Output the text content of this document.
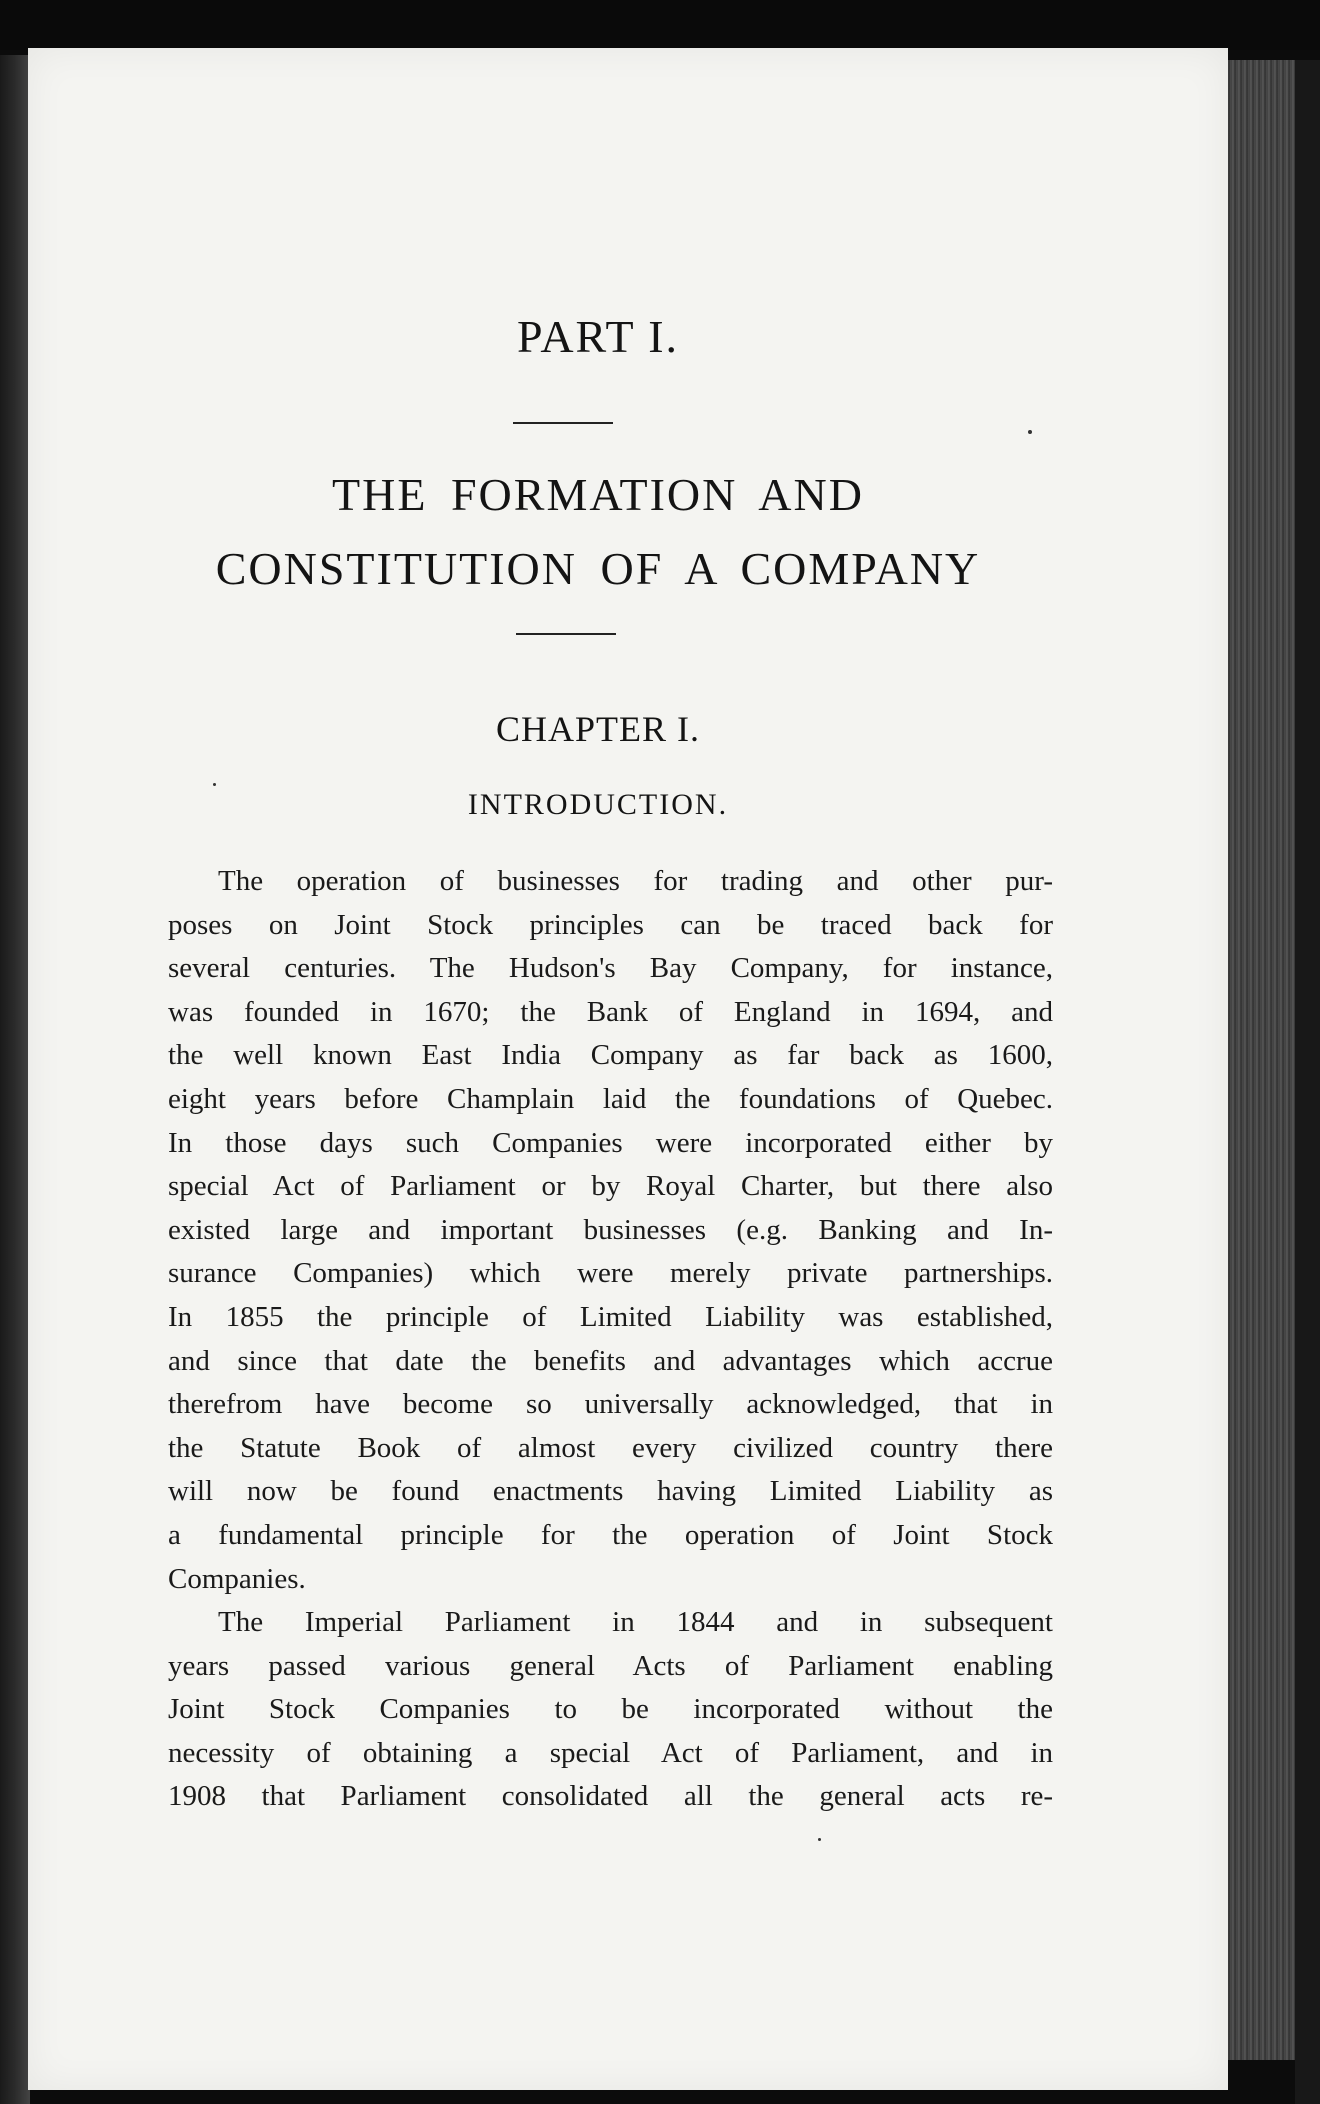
PART I.
THE FORMATION AND
CONSTITUTION OF A COMPANY
CHAPTER I.
INTRODUCTION.
The operation of businesses for trading and other pur-
poses on Joint Stock principles can be traced back for
several centuries. The Hudson's Bay Company, for instance,
was founded in 1670; the Bank of England in 1694, and
the well known East India Company as far back as 1600,
eight years before Champlain laid the foundations of Quebec.
In those days such Companies were incorporated either by
special Act of Parliament or by Royal Charter, but there also
existed large and important businesses (e.g. Banking and In-
surance Companies) which were merely private partnerships.
In 1855 the principle of Limited Liability was established,
and since that date the benefits and advantages which accrue
therefrom have become so universally acknowledged, that in
the Statute Book of almost every civilized country there
will now be found enactments having Limited Liability as
a fundamental principle for the operation of Joint Stock
Companies.
The Imperial Parliament in 1844 and in subsequent
years passed various general Acts of Parliament enabling
Joint Stock Companies to be incorporated without the
necessity of obtaining a special Act of Parliament, and in
1908 that Parliament consolidated all the general acts re-
